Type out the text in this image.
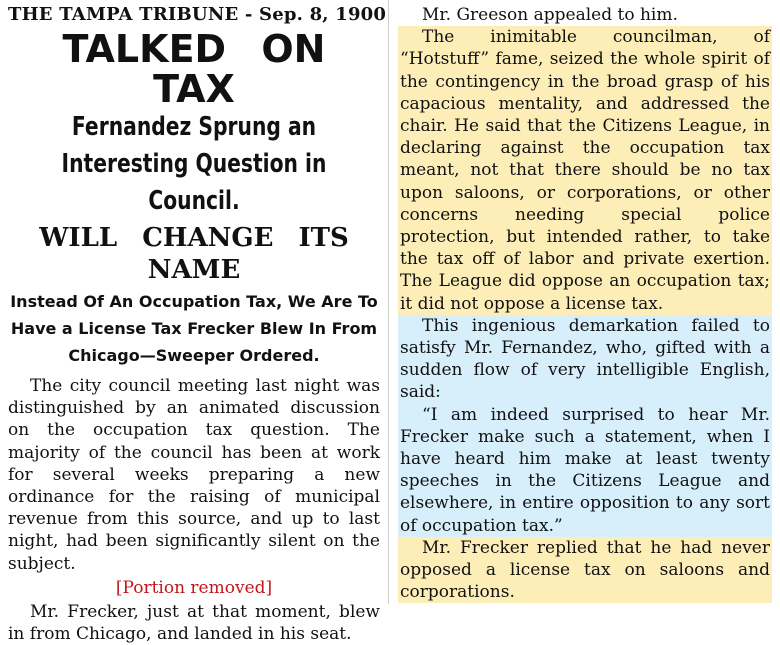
THE TAMPA TRIBUNE - Sep. 8, 1900
TALKED ON TAX
Fernandez Sprung an Interesting Question in Council.
WILL CHANGE ITS NAME
Instead Of An Occupation Tax, We Are To Have a License Tax Frecker Blew In From Chicago—Sweeper Ordered.

The city council meeting last night was distinguished by an animated discussion on the occupation tax question. The majority of the council has been at work for several weeks preparing a new ordinance for the raising of municipal revenue from this source, and up to last night, had been significantly silent on the subject.

[Portion removed]

Mr. Frecker, just at that moment, blew in from Chicago, and landed in his seat.

Mr. Greeson appealed to him.

The inimitable councilman, of “Hotstuff” fame, seized the whole spirit of the contingency in the broad grasp of his capacious mentality, and addressed the chair. He said that the Citizens League, in declaring against the occupation tax meant, not that there should be no tax upon saloons, or corporations, or other concerns needing special police protection, but intended rather, to take the tax off of labor and private exertion. The League did oppose an occupation tax; it did not oppose a license tax.

This ingenious demarkation failed to satisfy Mr. Fernandez, who, gifted with a sudden flow of very intelligible English, said:

“I am indeed surprised to hear Mr. Frecker make such a statement, when I have heard him make at least twenty speeches in the Citizens League and elsewhere, in entire opposition to any sort of occupation tax.”

Mr. Frecker replied that he had never opposed a license tax on saloons and corporations.
